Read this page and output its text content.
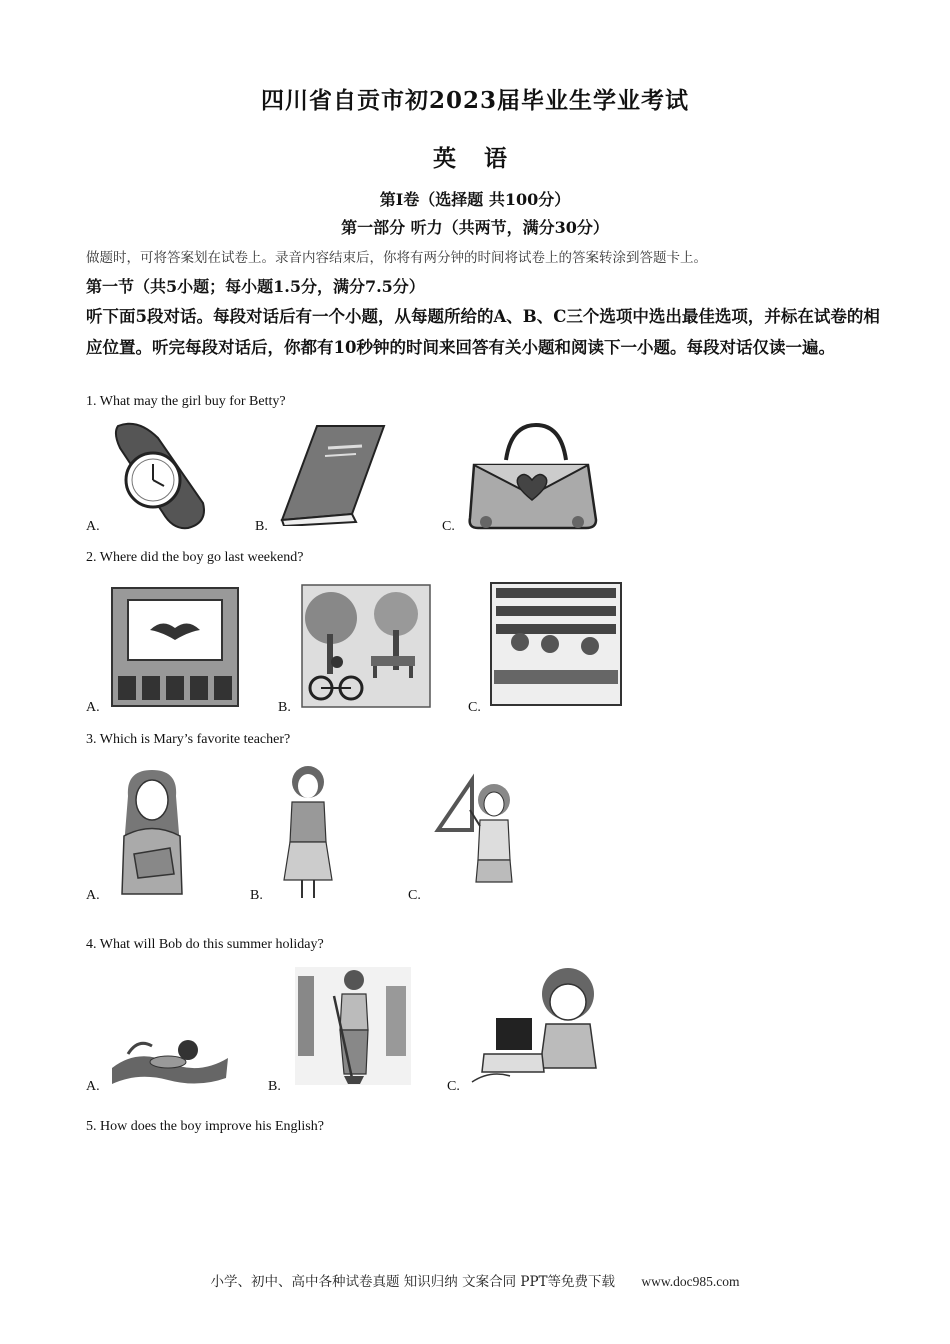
四川省自贡市初2023届毕业生学业考试
英 语
第I卷（选择题 共100分）
第一部分 听力（共两节，满分30分）
做题时，可将答案划在试卷上。录音内容结束后，你将有两分钟的时间将试卷上的答案转涂到答题卡上。
第一节（共5小题；每小题1.5分，满分7.5分）
听下面5段对话。每段对话后有一个小题，从每题所给的A、B、C三个选项中选出最佳选项，并标在试卷的相应位置。听完每段对话后，你都有10秒钟的时间来回答有关小题和阅读下一小题。每段对话仅读一遍。
1. What may the girl buy for Betty?
A.	B.	C.
2. Where did the boy go last weekend?
A.	B.	C.
3. Which is Mary’s favorite teacher?
A.	B.	C.
4. What will Bob do this summer holiday?
A.	B.	C.
5. How does the boy improve his English?
小学、初中、高中各种试卷真题 知识归纳 文案合同 PPT等免费下载 www.doc985.com
